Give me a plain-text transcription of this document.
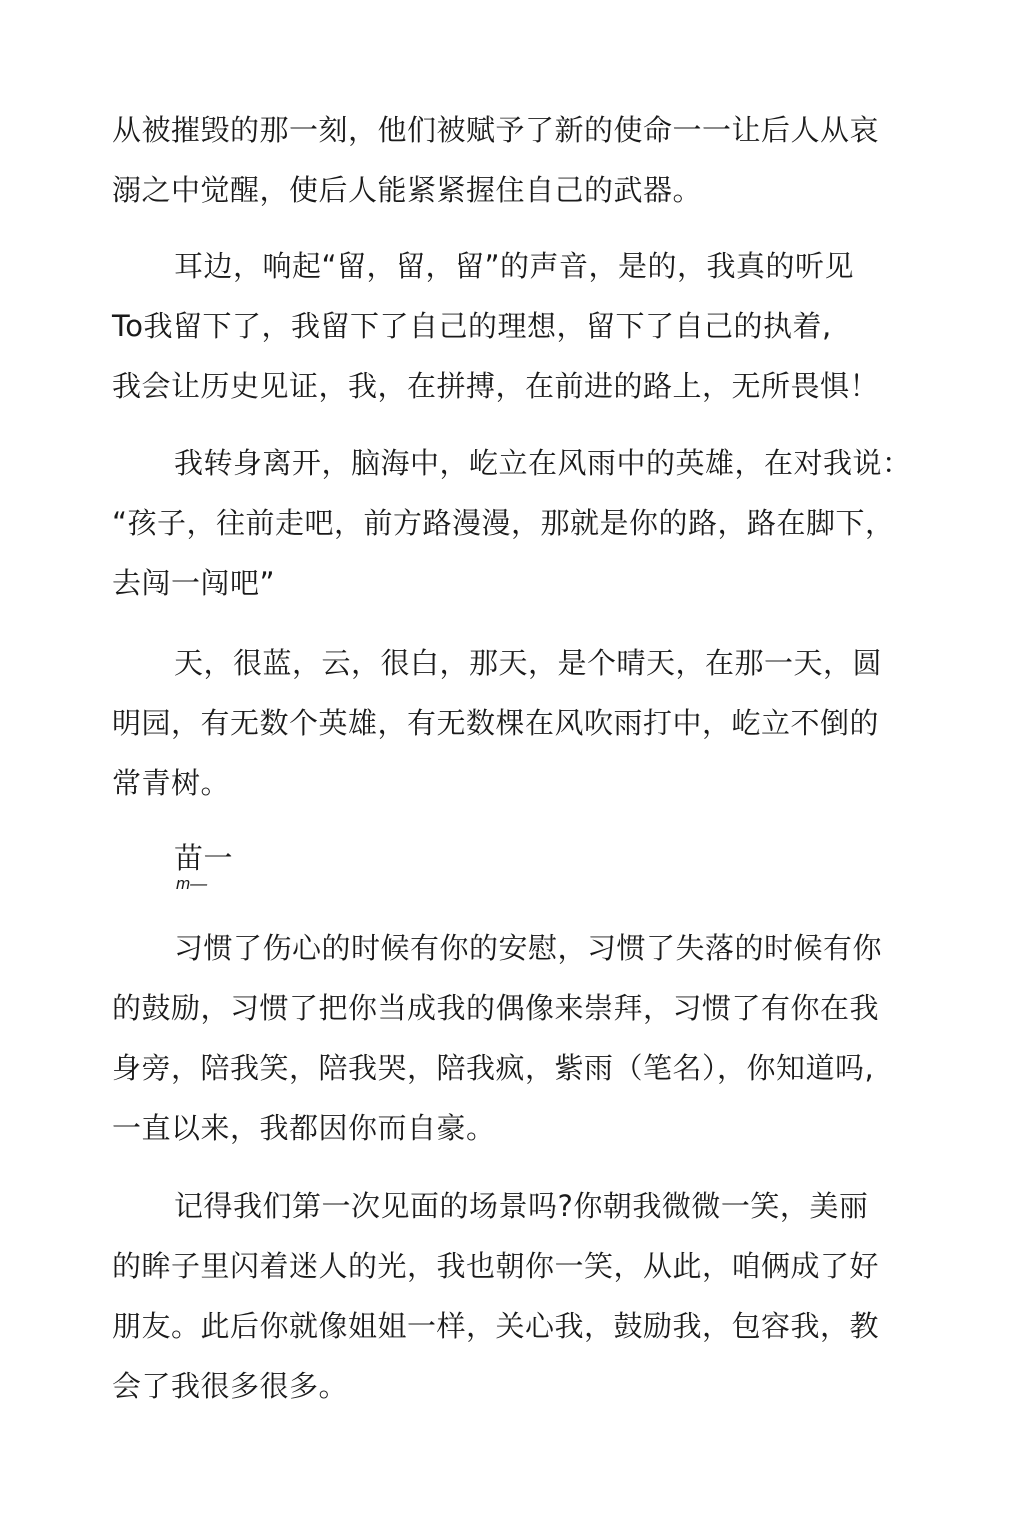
从被摧毁的那一刻，他们被赋予了新的使命一一让后人从哀
溺之中觉醒，使后人能紧紧握住自己的武器。
耳边，响起“留，留，留”的声音，是的，我真的听见
To我留下了，我留下了自己的理想，留下了自己的执着,
我会让历史见证，我，在拼搏，在前进的路上，无所畏惧！
我转身离开，脑海中，屹立在风雨中的英雄，在对我说：
“孩子，往前走吧，前方路漫漫，那就是你的路，路在脚下，
去闯一闯吧”
天，很蓝，云，很白，那天，是个晴天，在那一天，圆
明园，有无数个英雄，有无数棵在风吹雨打中，屹立不倒的
常青树。
苗一
m—
习惯了伤心的时候有你的安慰，习惯了失落的时候有你
的鼓励，习惯了把你当成我的偶像来崇拜，习惯了有你在我
身旁，陪我笑，陪我哭，陪我疯，紫雨（笔名），你知道吗,
一直以来，我都因你而自豪。
记得我们第一次见面的场景吗?你朝我微微一笑，美丽
的眸子里闪着迷人的光，我也朝你一笑，从此，咱俩成了好
朋友。此后你就像姐姐一样，关心我，鼓励我，包容我，教
会了我很多很多。
